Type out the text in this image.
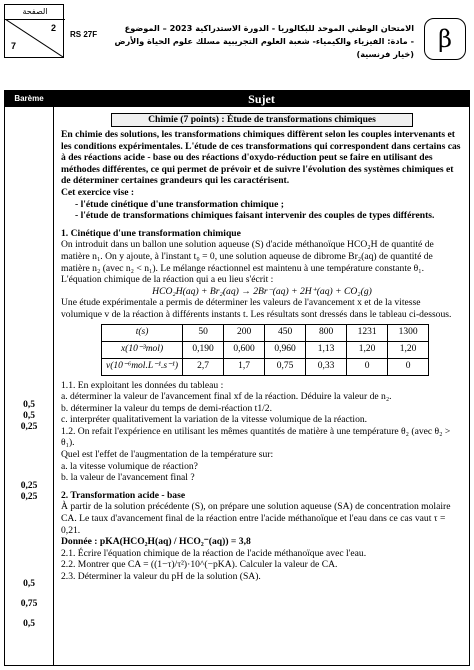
الصفحة
2
7
RS 27F
الامتحان الوطني الموحد للبكالوريا - الدورة الاستدراكية 2023 – الموضوع
- مادة: الفيزياء والكيمياء- شعبة العلوم التجريبية مسلك علوم الحياة والأرض (خيار فرنسية)
β
Barème
0,5
0,5
0,25
0,25
0,25
0,5
0,75
0,5
Sujet
Chimie (7 points) : Étude de transformations chimiques

En chimie des solutions, les transformations chimiques diffèrent selon les couples intervenants et les conditions expérimentales. L'étude de ces transformations qui correspondent dans certains cas à des réactions acide - base ou des réactions d'oxydo-réduction peut se faire en utilisant des méthodes différentes, ce qui permet de prévoir et de suivre l'évolution des systèmes chimiques et de déterminer certaines grandeurs qui les caractérisent.

Cet exercice vise :

- l'étude cinétique d'une transformation chimique ;

- l'étude de transformations chimiques faisant intervenir des couples de types différents.

1. Cinétique d'une transformation chimique

On introduit dans un ballon une solution aqueuse (S) d'acide méthanoïque HCO₂H de quantité de matière n₁. On y ajoute, à l'instant t₀ = 0, une solution aqueuse de dibrome Br₂(aq) de quantité de matière n₂ (avec n₂ < n₁). Le mélange réactionnel est maintenu à une température constante θ₁.

L'équation chimique de la réaction qui a eu lieu s'écrit :

HCO₂H(aq) + Br₂(aq) → 2Br⁻(aq) + 2H⁺(aq) + CO₂(g)

Une étude expérimentale a permis de déterminer les valeurs de l'avancement x et de la vitesse volumique v de la réaction à différents instants t. Les résultats sont dressés dans le tableau ci-dessous.

t(s)	50	200	450	800	1231	1300
x(10⁻³mol)	0,190	0,600	0,960	1,13	1,20	1,20
v(10⁻⁶mol.L⁻¹.s⁻¹)	2,7	1,7	0,75	0,33	0	0

1.1. En exploitant les données du tableau :

a. déterminer la valeur de l'avancement final xf de la réaction. Déduire la valeur de n₂.

b. déterminer la valeur du temps de demi-réaction t1/2.

c. interpréter qualitativement la variation de la vitesse volumique de la réaction.

1.2. On refait l'expérience en utilisant les mêmes quantités de matière à une température θ₂ (avec θ₂ > θ₁).

Quel est l'effet de l'augmentation de la température sur:

a. la vitesse volumique de réaction?

b. la valeur de l'avancement final ?

2. Transformation acide - base

À partir de la solution précédente (S), on prépare une solution aqueuse (SA) de concentration molaire CA. Le taux d'avancement final de la réaction entre l'acide méthanoïque et l'eau dans ce cas vaut τ = 0,21.

Donnée : pKA(HCO₂H(aq) / HCO₂⁻(aq)) = 3,8

2.1. Écrire l'équation chimique de la réaction de l'acide méthanoïque avec l'eau.

2.2. Montrer que CA = ((1−τ)/τ²)·10^(−pKA). Calculer la valeur de CA.

2.3. Déterminer la valeur du pH de la solution (SA).
